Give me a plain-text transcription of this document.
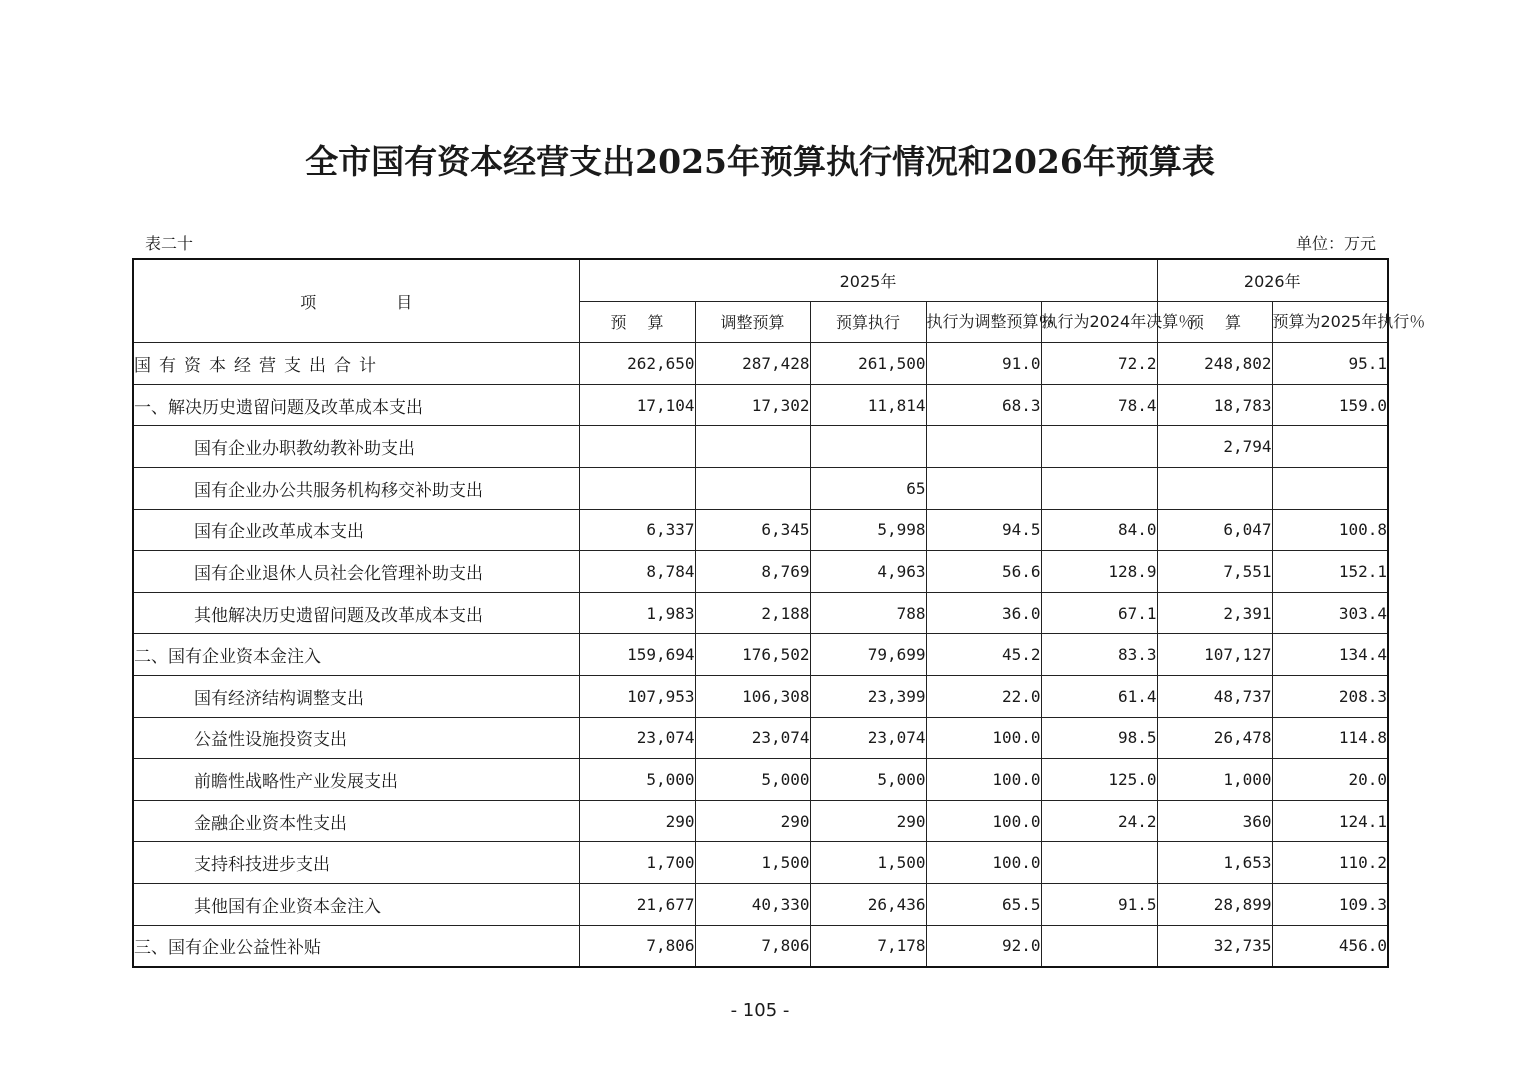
全市国有资本经营支出2025年预算执行情况和2026年预算表
表二十	单位：万元
项　　　　　目	2025年					2026年	
	预　 算	调整预算	预算执行	执行为调整预算％	执行为2024年决算％	预　 算	预算为2025年执行％
国有资本经营支出合计	262,650	287,428	261,500	91.0	72.2	248,802	95.1
一、解决历史遗留问题及改革成本支出	17,104	17,302	11,814	68.3	78.4	18,783	159.0
国有企业办职教幼教补助支出						2,794	
国有企业办公共服务机构移交补助支出			65				
国有企业改革成本支出	6,337	6,345	5,998	94.5	84.0	6,047	100.8
国有企业退休人员社会化管理补助支出	8,784	8,769	4,963	56.6	128.9	7,551	152.1
其他解决历史遗留问题及改革成本支出	1,983	2,188	788	36.0	67.1	2,391	303.4
二、国有企业资本金注入	159,694	176,502	79,699	45.2	83.3	107,127	134.4
国有经济结构调整支出	107,953	106,308	23,399	22.0	61.4	48,737	208.3
公益性设施投资支出	23,074	23,074	23,074	100.0	98.5	26,478	114.8
前瞻性战略性产业发展支出	5,000	5,000	5,000	100.0	125.0	1,000	20.0
金融企业资本性支出	290	290	290	100.0	24.2	360	124.1
支持科技进步支出	1,700	1,500	1,500	100.0		1,653	110.2
其他国有企业资本金注入	21,677	40,330	26,436	65.5	91.5	28,899	109.3
三、国有企业公益性补贴	7,806	7,806	7,178	92.0		32,735	456.0
- 105 -
